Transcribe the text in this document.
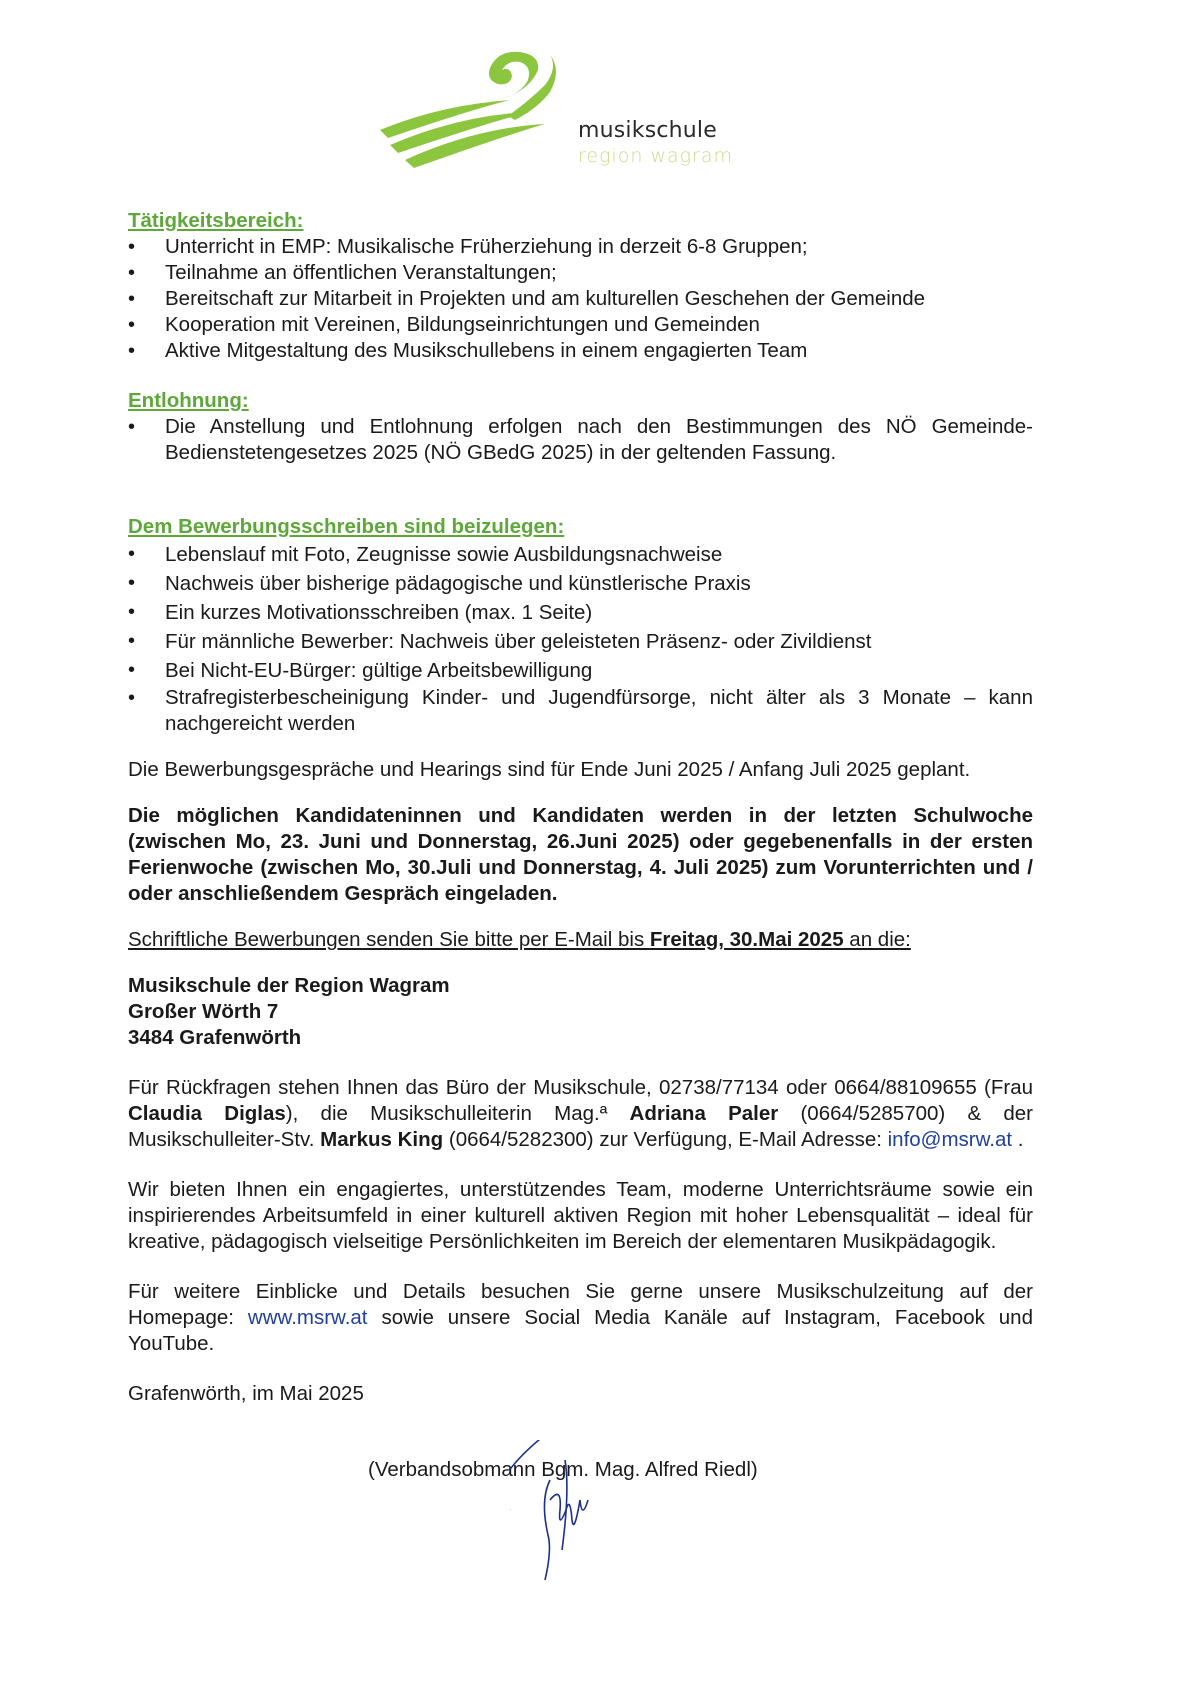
musikschule
region wagram
Tätigkeitsbereich:
• Unterricht in EMP: Musikalische Früherziehung in derzeit 6-8 Gruppen;
• Teilnahme an öffentlichen Veranstaltungen;
• Bereitschaft zur Mitarbeit in Projekten und am kulturellen Geschehen der Gemeinde
• Kooperation mit Vereinen, Bildungseinrichtungen und Gemeinden
• Aktive Mitgestaltung des Musikschullebens in einem engagierten Team
Entlohnung:
• Die Anstellung und Entlohnung erfolgen nach den Bestimmungen des NÖ Gemeinde-Bedienstetengesetzes 2025 (NÖ GBedG 2025) in der geltenden Fassung.
Dem Bewerbungsschreiben sind beizulegen:
• Lebenslauf mit Foto, Zeugnisse sowie Ausbildungsnachweise
• Nachweis über bisherige pädagogische und künstlerische Praxis
• Ein kurzes Motivationsschreiben (max. 1 Seite)
• Für männliche Bewerber: Nachweis über geleisteten Präsenz- oder Zivildienst
• Bei Nicht-EU-Bürger: gültige Arbeitsbewilligung
• Strafregisterbescheinigung Kinder- und Jugendfürsorge, nicht älter als 3 Monate – kann nachgereicht werden

Die Bewerbungsgespräche und Hearings sind für Ende Juni 2025 / Anfang Juli 2025 geplant.

Die möglichen Kandidateninnen und Kandidaten werden in der letzten Schulwoche (zwischen Mo, 23. Juni und Donnerstag, 26.Juni 2025) oder gegebenenfalls in der ersten Ferienwoche (zwischen Mo, 30.Juli und Donnerstag, 4. Juli 2025) zum Vorunterrichten und / oder anschließendem Gespräch eingeladen.

Schriftliche Bewerbungen senden Sie bitte per E-Mail bis Freitag, 30.Mai 2025 an die:

Musikschule der Region Wagram
Großer Wörth 7
3484 Grafenwörth

Für Rückfragen stehen Ihnen das Büro der Musikschule, 02738/77134 oder 0664/88109655 (Frau Claudia Diglas), die Musikschulleiterin Mag.ª Adriana Paler (0664/5285700) & der Musikschulleiter-Stv. Markus King (0664/5282300) zur Verfügung, E-Mail Adresse: info@msrw.at .

Wir bieten Ihnen ein engagiertes, unterstützendes Team, moderne Unterrichtsräume sowie ein inspirierendes Arbeitsumfeld in einer kulturell aktiven Region mit hoher Lebensqualität – ideal für kreative, pädagogisch vielseitige Persönlichkeiten im Bereich der elementaren Musikpädagogik.

Für weitere Einblicke und Details besuchen Sie gerne unsere Musikschulzeitung auf der Homepage: www.msrw.at sowie unsere Social Media Kanäle auf Instagram, Facebook und YouTube.

Grafenwörth, im Mai 2025

(Verbandsobmann Bgm. Mag. Alfred Riedl)
